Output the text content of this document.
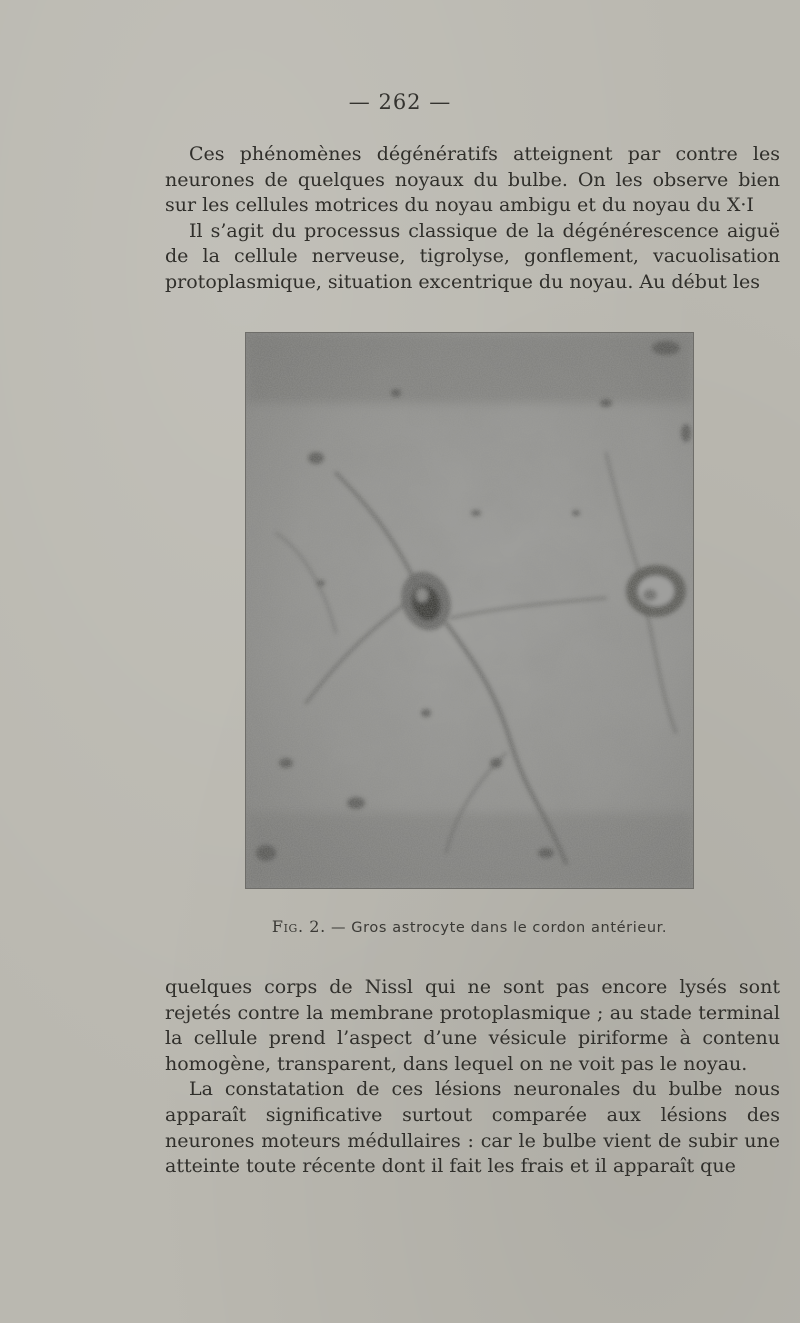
— 262 —

Ces phénomènes dégénératifs atteignent par contre les neurones de quelques noyaux du bulbe. On les observe bien sur les cellules motrices du noyau ambigu et du noyau du X·I

Il s’agit du processus classique de la dégénérescence aiguë de la cellule nerveuse, tigrolyse, gonflement, vacuolisation protoplasmique, situation excentrique du noyau. Au début les

Fig. 2. — Gros astrocyte dans le cordon antérieur.

quelques corps de Nissl qui ne sont pas encore lysés sont rejetés contre la membrane protoplasmique ; au stade terminal la cellule prend l’aspect d’une vésicule piriforme à contenu homogène, transparent, dans lequel on ne voit pas le noyau.

La constatation de ces lésions neuronales du bulbe nous apparaît significative surtout comparée aux lésions des neurones moteurs médullaires : car le bulbe vient de subir une atteinte toute récente dont il fait les frais et il apparaît que
